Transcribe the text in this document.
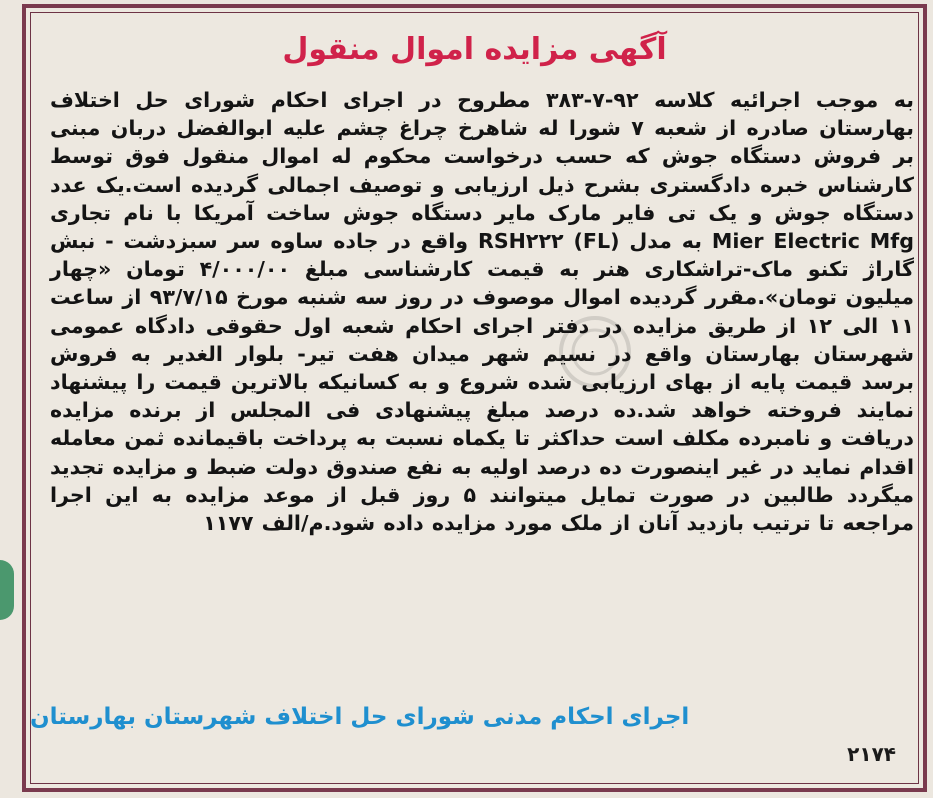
آگهی مزایده اموال منقول
به موجب اجرائیه کلاسه ۹۲-۷-۳۸۳ مطروح در اجرای احکام شورای حل اختلاف بهارستان صادره از شعبه ۷ شورا له شاهرخ چراغ چشم علیه ابوالفضل دربان مبنی بر فروش دستگاه جوش که حسب درخواست محکوم له اموال منقول فوق توسط کارشناس خبره دادگستری بشرح ذیل ارزیابی و توصیف اجمالی گردیده است.یک عدد دستگاه جوش و یک تی فایر مارک مایر دستگاه جوش ساخت آمریکا با نام تجاری Mier Electric Mfg به مدل RSH۲۲۲ (FL) واقع در جاده ساوه سر سبزدشت - نبش گاراژ تکنو ماک-تراشکاری هنر به قیمت کارشناسی مبلغ ۴/۰۰۰/۰۰ تومان «چهار میلیون تومان».مقرر گردیده اموال موصوف در روز سه شنبه مورخ ۹۳/۷/۱۵ از ساعت ۱۱ الی ۱۲ از طریق مزایده در دفتر اجرای احکام شعبه اول حقوقی دادگاه عمومی شهرستان بهارستان واقع در نسیم شهر میدان هفت تیر- بلوار الغدیر به فروش برسد قیمت پایه از بهای ارزیابی شده شروع و به کسانیکه بالاترین قیمت را پیشنهاد نمایند فروخته خواهد شد.ده درصد مبلغ پیشنهادی فی المجلس از برنده مزایده دریافت و نامبرده مکلف است حداکثر تا یکماه نسبت به پرداخت باقیمانده ثمن معامله اقدام نماید در غیر اینصورت ده درصد اولیه به نفع صندوق دولت ضبط و مزایده تجدید میگردد طالبین در صورت تمایل میتوانند ۵ روز قبل از موعد مزایده به این اجرا مراجعه تا ترتیب بازدید آنان از ملک مورد مزایده داده شود.م/الف ۱۱۷۷
اجرای احکام مدنی شورای حل اختلاف شهرستان بهارستان
۲۱۷۴
